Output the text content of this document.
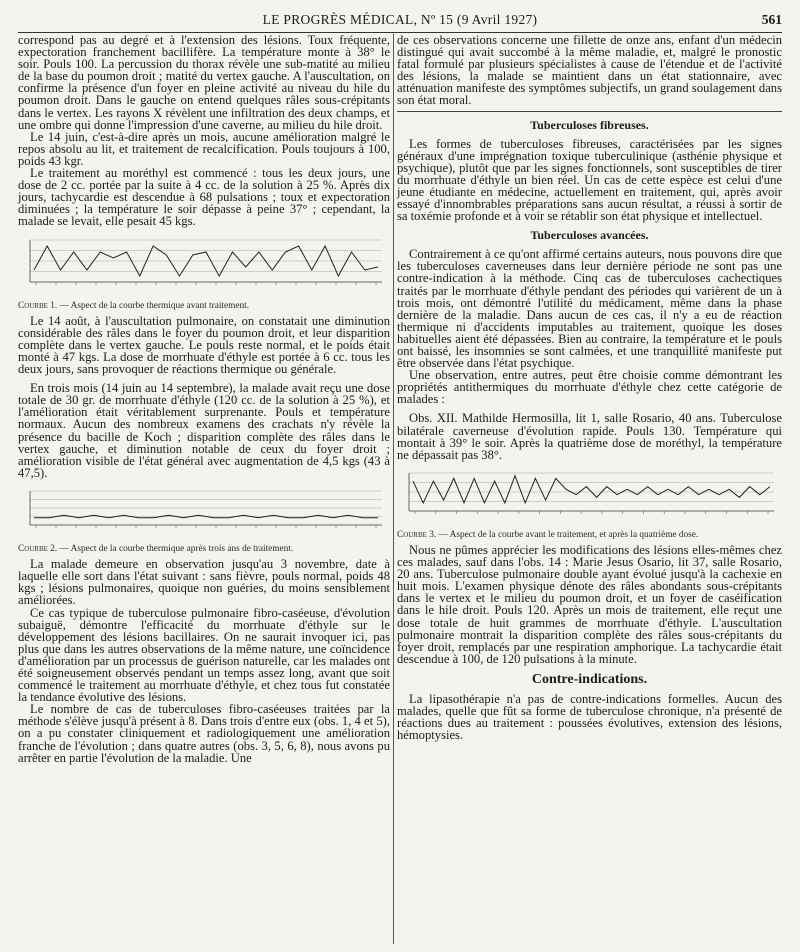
LE PROGRÈS MÉDICAL, Nº 15 (9 Avril 1927)	561

correspond pas au degré et à l'extension des lésions. Toux fréquente, expectoration franchement bacillifère. La température monte à 38° le soir. Pouls 100. La percussion du thorax révèle une sub-matité au milieu de la base du poumon droit ; matité du vertex gauche. A l'auscultation, on confirme la présence d'un foyer en pleine activité au niveau du hile du poumon droit. Dans le gauche on entend quelques râles sous-crépitants dans le vertex. Les rayons X révèlent une infiltration des deux champs, et une ombre qui donne l'impression d'une caverne, au milieu du hile droit.

Le 14 juin, c'est-à-dire après un mois, aucune amélioration malgré le repos absolu au lit, et traitement de recalcification. Pouls toujours à 100, poids 43 kgr.

Le traitement au moréthyl est commencé : tous les deux jours, une dose de 2 cc. portée par la suite à 4 cc. de la solution à 25 %. Après dix jours, tachycardie est descendue à 68 pulsations ; toux et expectoration diminuées ; la température le soir dépasse à peine 37° ; cependant, la malade se levait, elle pesait 45 kgs.

Courbe 1. — Aspect de la courbe thermique avant traitement.

Le 14 août, à l'auscultation pulmonaire, on constatait une diminution considérable des râles dans le foyer du poumon droit, et leur disparition complète dans le vertex gauche. Le pouls reste normal, et le poids était monté à 47 kgs. La dose de morrhuate d'éthyle est portée à 6 cc. tous les deux jours, sans provoquer de réactions thermique ou générale.

En trois mois (14 juin au 14 septembre), la malade avait reçu une dose totale de 30 gr. de morrhuate d'éthyle (120 cc. de la solution à 25 %), et l'amélioration était véritablement surprenante. Pouls et température normaux. Aucun des nombreux examens des crachats n'y révèle la présence du bacille de Koch ; disparition complète des râles dans le vertex gauche, et diminution notable de ceux du foyer droit ; amélioration visible de l'état général avec augmentation de 4,5 kgs (43 à 47,5).

Courbe 2. — Aspect de la courbe thermique après trois ans de traitement.

La malade demeure en observation jusqu'au 3 novembre, date à laquelle elle sort dans l'état suivant : sans fièvre, pouls normal, poids 48 kgs ; lésions pulmonaires, quoique non guéries, du moins sensiblement améliorées.

Ce cas typique de tuberculose pulmonaire fibro-caséeuse, d'évolution subaiguë, démontre l'efficacité du morrhuate d'éthyle sur le développement des lésions bacillaires. On ne saurait invoquer ici, pas plus que dans les autres observations de la même nature, une coïncidence d'amélioration par un processus de guérison naturelle, car les malades ont été soigneusement observés pendant un temps assez long, avant que soit commencé le traitement au morrhuate d'éthyle, et chez tous fut constatée la tendance évolutive des lésions.

Le nombre de cas de tuberculoses fibro-caséeuses traitées par la méthode s'élève jusqu'à présent à 8. Dans trois d'entre eux (obs. 1, 4 et 5), on a pu constater cliniquement et radiologiquement une amélioration franche de l'évolution ; dans quatre autres (obs. 3, 5, 6, 8), nous avons pu arrêter en partie l'évolution de la maladie. Une

de ces observations concerne une fillette de onze ans, enfant d'un médecin distingué qui avait succombé à la même maladie, et, malgré le pronostic fatal formulé par plusieurs spécialistes à cause de l'étendue et de l'activité des lésions, la malade se maintient dans un état stationnaire, avec atténuation manifeste des symptômes subjectifs, un grand soulagement dans son état moral.

Tuberculoses fibreuses.

Les formes de tuberculoses fibreuses, caractérisées par les signes généraux d'une imprégnation toxique tuberculinique (asthénie physique et psychique), plutôt que par les signes fonctionnels, sont susceptibles de tirer du morrhuate d'éthyle un bien réel. Un cas de cette espèce est celui d'une jeune étudiante en médecine, actuellement en traitement, qui, après avoir essayé d'innombrables préparations sans aucun résultat, a réussi à sortir de sa toxémie profonde et à voir se rétablir son état physique et intellectuel.

Tuberculoses avancées.

Contrairement à ce qu'ont affirmé certains auteurs, nous pouvons dire que les tuberculoses caverneuses dans leur dernière période ne sont pas une contre-indication à la méthode. Cinq cas de tuberculoses cachectiques traités par le morrhuate d'éthyle pendant des périodes qui varièrent de un à trois mois, ont démontré l'utilité du médicament, même dans la phase dernière de la maladie. Dans aucun de ces cas, il n'y a eu de réaction thermique ni d'accidents imputables au traitement, quoique les doses habituelles aient été dépassées. Bien au contraire, la température et le pouls ont baissé, les insomnies se sont calmées, et une tranquillité manifeste put être observée dans l'état psychique.

Une observation, entre autres, peut être choisie comme démontrant les propriétés antithermiques du morrhuate d'éthyle chez cette catégorie de malades :

Obs. XII. Mathilde Hermosilla, lit 1, salle Rosario, 40 ans. Tuberculose bilatérale caverneuse d'évolution rapide. Pouls 130. Température qui montait à 39° le soir. Après la quatrième dose de moréthyl, la température ne dépassait pas 38°.

Courbe 3. — Aspect de la courbe avant le traitement, et après la quatrième dose.

Nous ne pûmes apprécier les modifications des lésions elles-mêmes chez ces malades, sauf dans l'obs. 14 : Marie Jesus Osario, lit 37, salle Rosario, 20 ans. Tuberculose pulmonaire double ayant évolué jusqu'à la cachexie en huit mois. L'examen physique dénote des râles abondants sous-crépitants dans le vertex et le milieu du poumon droit, et un foyer de caséification dans le hile droit. Pouls 120. Après un mois de traitement, elle reçut une dose totale de huit grammes de morrhuate d'éthyle. L'auscultation pulmonaire montrait la disparition complète des râles sous-crépitants du foyer droit, remplacés par une respiration amphorique. La tachycardie était descendue à 100, de 120 pulsations à la minute.

Contre-indications.

La lipasothérapie n'a pas de contre-indications formelles. Aucun des malades, quelle que fût sa forme de tuberculose chronique, n'a présenté de réactions dues au traitement : poussées évolutives, extension des lésions, hémoptysies.
